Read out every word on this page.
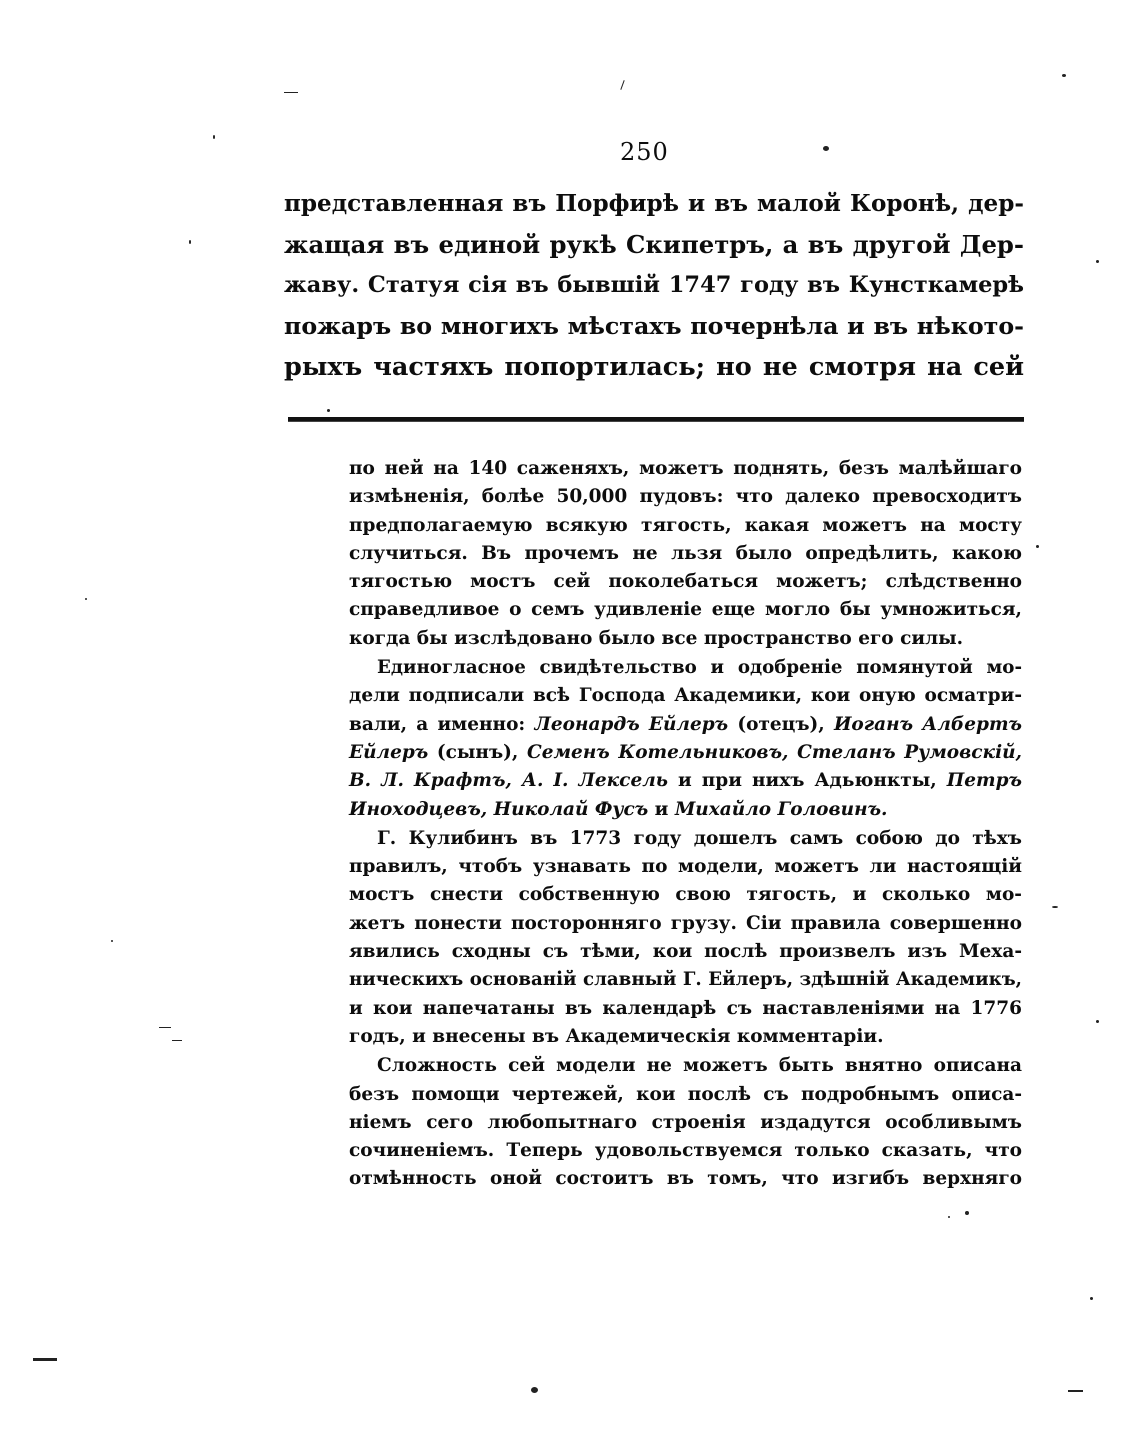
250
представленная въ Порфирѣ и въ малой Коронѣ, дер-
жащая въ единой рукѣ Скипетръ, а въ другой Дер-
жаву. Статуя сія въ бывшій 1747 году въ Кунсткамерѣ
пожаръ во многихъ мѣстахъ почернѣла и въ нѣкото-
рыхъ частяхъ попортилась; но не смотря на сей
по ней на 140 саженяхъ, можетъ поднять, безъ малѣйшаго
измѣненія, болѣе 50,000 пудовъ: что далеко превосходитъ
предполагаемую всякую тягость, какая можетъ на мосту
случиться. Въ прочемъ не льзя было опредѣлить, какою
тягостью мостъ сей поколебаться можетъ; слѣдственно
справедливое о семъ удивленіе еще могло бы умножиться,
когда бы изслѣдовано было все пространство его силы.
Единогласное свидѣтельство и одобреніе помянутой мо-
дели подписали всѣ Господа Академики, кои оную осматри-
вали, а именно: Леонардъ Ейлеръ (отецъ), Иоганъ Албертъ
Ейлеръ (сынъ), Семенъ Котельниковъ, Стеланъ Румовскій,
В. Л. Крафтъ, А. І. Лексель и при нихъ Адьюнкты, Петръ
Иноходцевъ, Николай Фусъ и Михайло Головинъ.
Г. Кулибинъ въ 1773 году дошелъ самъ собою до тѣхъ
правилъ, чтобъ узнавать по модели, можетъ ли настоящій
мостъ снести собственную свою тягость, и сколько мо-
жетъ понести посторонняго грузу. Сіи правила совершенно
явились сходны съ тѣми, кои послѣ произвелъ изъ Меха-
ническихъ основаній славный Г. Ейлеръ, здѣшній Академикъ,
и кои напечатаны въ календарѣ съ наставленіями на 1776
годъ, и внесены въ Академическія комментаріи.
Сложность сей модели не можетъ быть внятно описана
безъ помощи чертежей, кои послѣ съ подробнымъ описа-
ніемъ сего любопытнаго строенія издадутся особливымъ
сочиненіемъ. Теперь удовольствуемся только сказать, что
отмѣнность оной состоитъ въ томъ, что изгибъ верхняго
